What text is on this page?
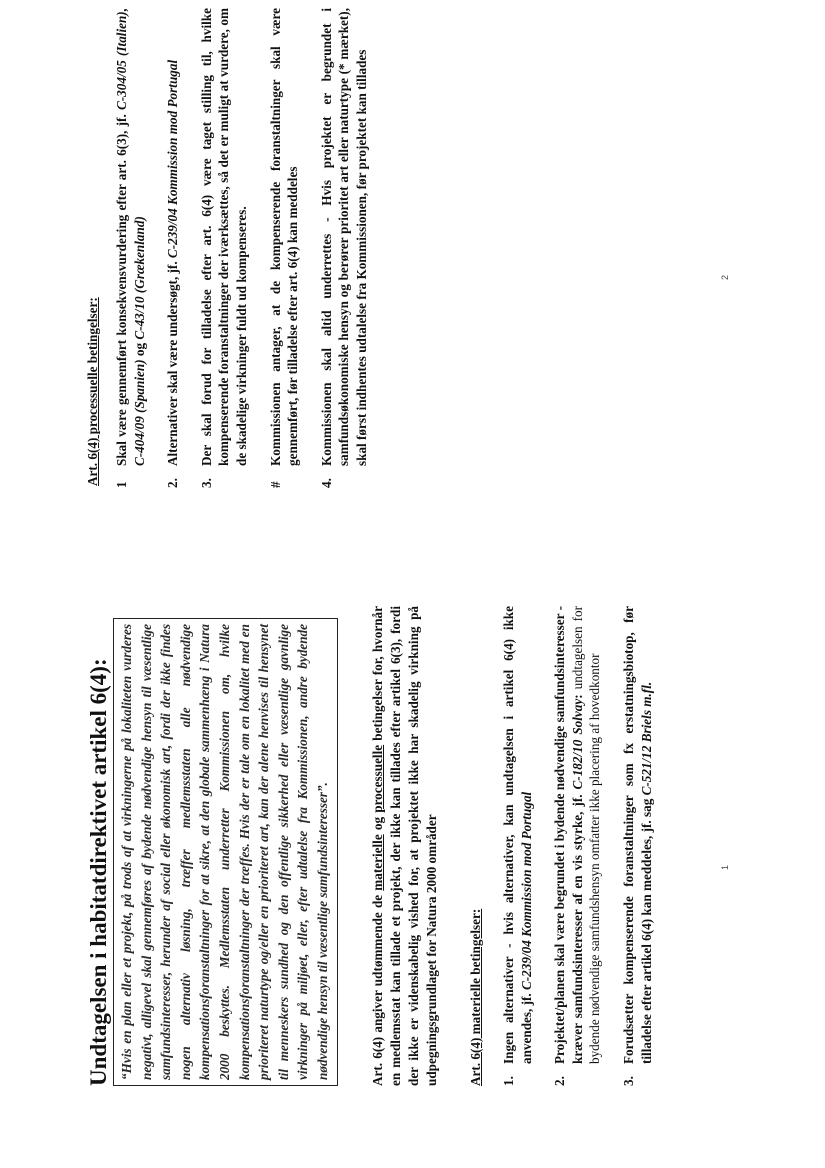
Undtagelsen i habitatdirektivet artikel 6(4): “Hvis en plan eller et projekt, på trods af at virkningerne på lokaliteten vurderes negativt, alligevel skal gennemføres af bydende nødvendige hensyn til væsentlige samfundsinteresser, herunder af social eller økonomisk art, fordi der ikke findes nogen alternativ løsning, træffer medlemsstaten alle nødvendige kompensationsforanstaltninger for at sikre, at den globale sammenhæng i Natura 2000 beskyttes. Medlemsstaten underretter Kommissionen om, hvilke kompensationsforanstaltninger der træffes. Hvis der er tale om en lokalitet med en prioriteret naturtype og/eller en prioriteret art, kan der alene henvises til hensynet til menneskers sundhed og den offentlige sikkerhed eller væsentlige gavnlige virkninger på miljøet, eller, efter udtalelse fra Kommissionen, andre bydende nødvendige hensyn til væsentlige samfundsinteresser”.	Art. 6(4) angiver udtømmende de materielle og processuelle betingelser for, hvornår en medlemsstat kan tillade et projekt, der ikke kan tillades efter artikel 6(3), fordi der ikke er videnskabelig vished for, at projektet ikke har skadelig virkning på udpegningsgrundlaget for Natura 2000 områder Art. 6(4) materielle betingelser: 1.
Ingen alternativer - hvis alternativer, kan undtagelsen i artikel 6(4) ikke anvendes, jf. C-239/04 Kommission mod Portugal
2.
Projektet/planen skal være begrundet i bydende nødvendige samfundsinteresser - kræver samfundsinteresser af en vis styrke, jf. C-182/10 Solvay: undtagelsen for bydende nødvendige samfundshensyn omfatter ikke placering af hovedkontor
3.
Forudsætter kompenserende foranstaltninger som fx erstatningsbiotop, før tilladelse efter artikel 6(4) kan meddeles, jf. sag C-521/12 Briels m.fl.
1

Art. 6(4) processuelle betingelser: 1
Skal være gennemført konsekvensvurdering efter art. 6(3), jf. C-304/05 (Italien), C-404/09 (Spanien) og C-43/10 (Grækenland)
2.
Alternativer skal være undersøgt, jf. C-239/04 Kommission mod Portugal
3.
Der skal forud for tilladelse efter art. 6(4) være taget stilling til, hvilke kompenserende foranstaltninger der iværksættes, så det er muligt at vurdere, om de skadelige virkninger fuldt ud kompenseres.
#
Kommissionen antager, at de kompenserende foranstaltninger skal være gennemført, før tilladelse efter art. 6(4) kan meddeles
4.
Kommissionen skal altid underrettes - Hvis projektet er begrundet i samfundsøkonomiske hensyn og berører prioritet art eller naturtype (* mærket), skal først indhentes udtalelse fra Kommissionen, før projektet kan tillades	2
